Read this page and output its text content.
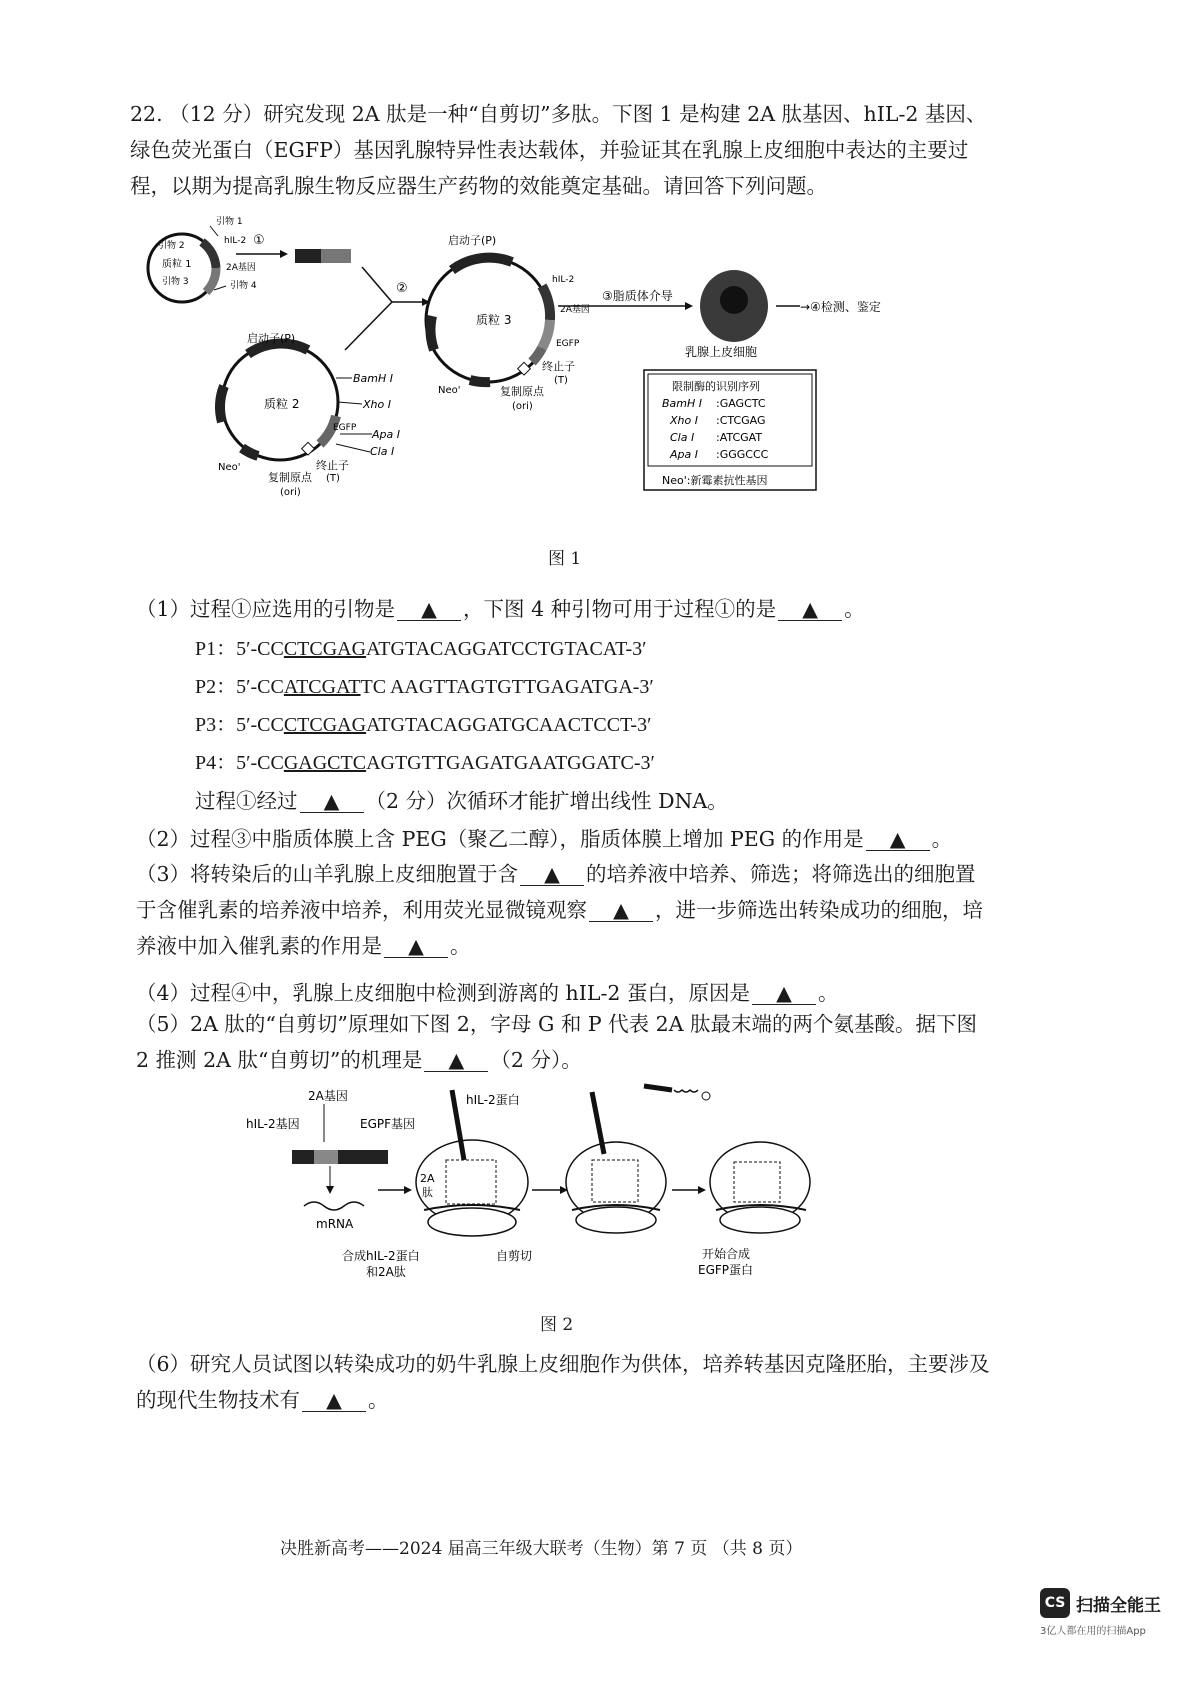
22. （12 分）研究发现 2A 肽是一种“自剪切”多肽。下图 1 是构建 2A 肽基因、hIL-2 基因、绿色荧光蛋白（EGFP）基因乳腺特异性表达载体，并验证其在乳腺上皮细胞中表达的主要过程，以期为提高乳腺生物反应器生产药物的效能奠定基础。请回答下列问题。
引物 2
质粒 1
引物 3
引物 1
hIL-2
2A基因
引物 4
①
②
启动子(P)
质粒 2
BamH Ⅰ
Xho Ⅰ
EGFP Apa Ⅰ
Cla Ⅰ
终止子
(T)
复制原点
(ori)
Neo'
启动子(P)
质粒 3
hIL-2
2A基因
EGFP
终止子
(T)
复制原点
(ori)
Neo'
③脂质体介导
乳腺上皮细胞
→④检测、鉴定
限制酶的识别序列
BamH Ⅰ :GAGCTC
Xho Ⅰ :CTCGAG
Cla Ⅰ :ATCGAT
Apa Ⅰ :GGGCCC
Neo':新霉素抗性基因
图 1
（1）过程①应选用的引物是 ▲ ，下图 4 种引物可用于过程①的是 ▲ 。
P1：5′-CCCTCGAGATGTACAGGATCCTGTACAT-3′
P2：5′-CCATCGATTC AAGTTAGTGTTGAGATGA-3′
P3：5′-CCCTCGAGATGTACAGGATGCAACTCCT-3′
P4：5′-CCGAGCTCAGTGTTGAGATGAATGGATC-3′
过程①经过 ▲ （2 分）次循环才能扩增出线性 DNA。
（2）过程③中脂质体膜上含 PEG（聚乙二醇），脂质体膜上增加 PEG 的作用是 ▲ 。
（3）将转染后的山羊乳腺上皮细胞置于含 ▲ 的培养液中培养、筛选；将筛选出的细胞置于含催乳素的培养液中培养，利用荧光显微镜观察 ▲ ，进一步筛选出转染成功的细胞，培养液中加入催乳素的作用是 ▲ 。
（4）过程④中，乳腺上皮细胞中检测到游离的 hIL-2 蛋白，原因是 ▲ 。
（5）2A 肽的“自剪切”原理如下图 2，字母 G 和 P 代表 2A 肽最末端的两个氨基酸。据下图 2 推测 2A 肽“自剪切”的机理是 ▲ （2 分）。
2A基因
hIL-2基因	EGPF基因
mRNA
2A
肽
hIL-2蛋白
合成hIL-2蛋白
和2A肽
自剪切	开始合成
EGFP蛋白
图 2
（6）研究人员试图以转染成功的奶牛乳腺上皮细胞作为供体，培养转基因克隆胚胎，主要涉及的现代生物技术有 ▲ 。
决胜新高考——2024 届高三年级大联考（生物）第 7 页 （共 8 页）
CS 扫描全能王
3亿人都在用的扫描App
